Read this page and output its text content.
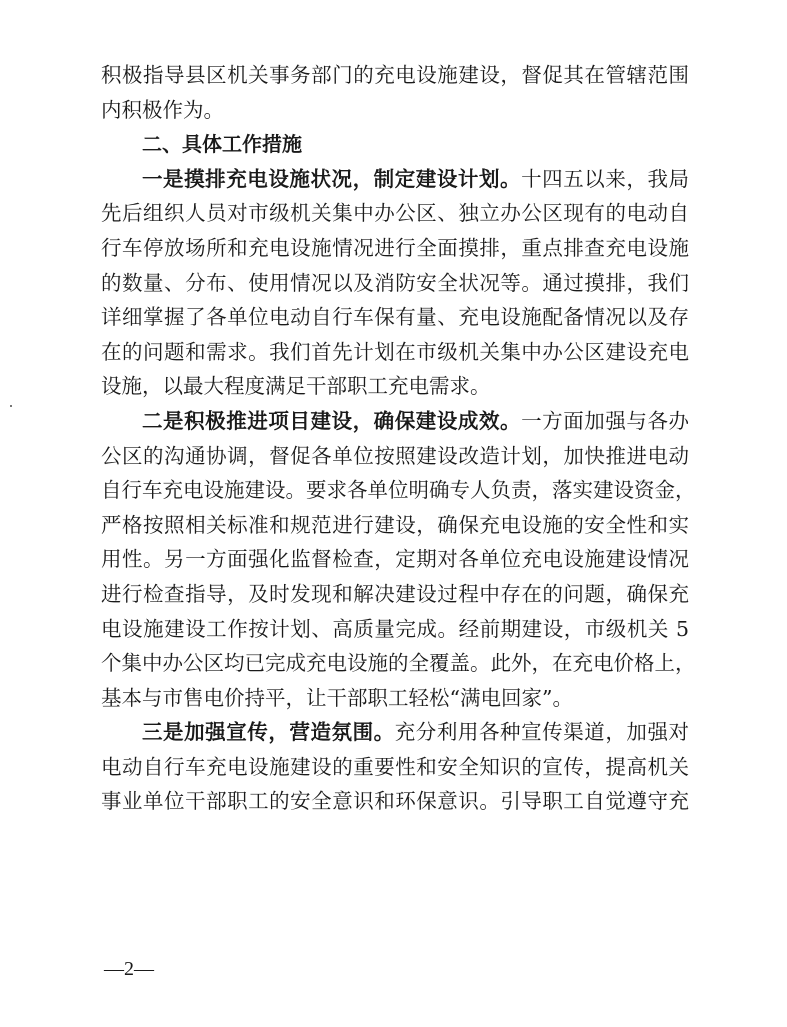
积极指导县区机关事务部门的充电设施建设，督促其在管辖范围
内积极作为。
二、具体工作措施
一是摸排充电设施状况，制定建设计划。十四五以来，我局
先后组织人员对市级机关集中办公区、独立办公区现有的电动自
行车停放场所和充电设施情况进行全面摸排，重点排查充电设施
的数量、分布、使用情况以及消防安全状况等。通过摸排，我们
详细掌握了各单位电动自行车保有量、充电设施配备情况以及存
在的问题和需求。我们首先计划在市级机关集中办公区建设充电
设施，以最大程度满足干部职工充电需求。
二是积极推进项目建设，确保建设成效。一方面加强与各办
公区的沟通协调，督促各单位按照建设改造计划，加快推进电动
自行车充电设施建设。要求各单位明确专人负责，落实建设资金，
严格按照相关标准和规范进行建设，确保充电设施的安全性和实
用性。另一方面强化监督检查，定期对各单位充电设施建设情况
进行检查指导，及时发现和解决建设过程中存在的问题，确保充
电设施建设工作按计划、高质量完成。经前期建设，市级机关 5
个集中办公区均已完成充电设施的全覆盖。此外，在充电价格上，
基本与市售电价持平，让干部职工轻松“满电回家”。
三是加强宣传，营造氛围。充分利用各种宣传渠道，加强对
电动自行车充电设施建设的重要性和安全知识的宣传，提高机关
事业单位干部职工的安全意识和环保意识。引导职工自觉遵守充
—2—
